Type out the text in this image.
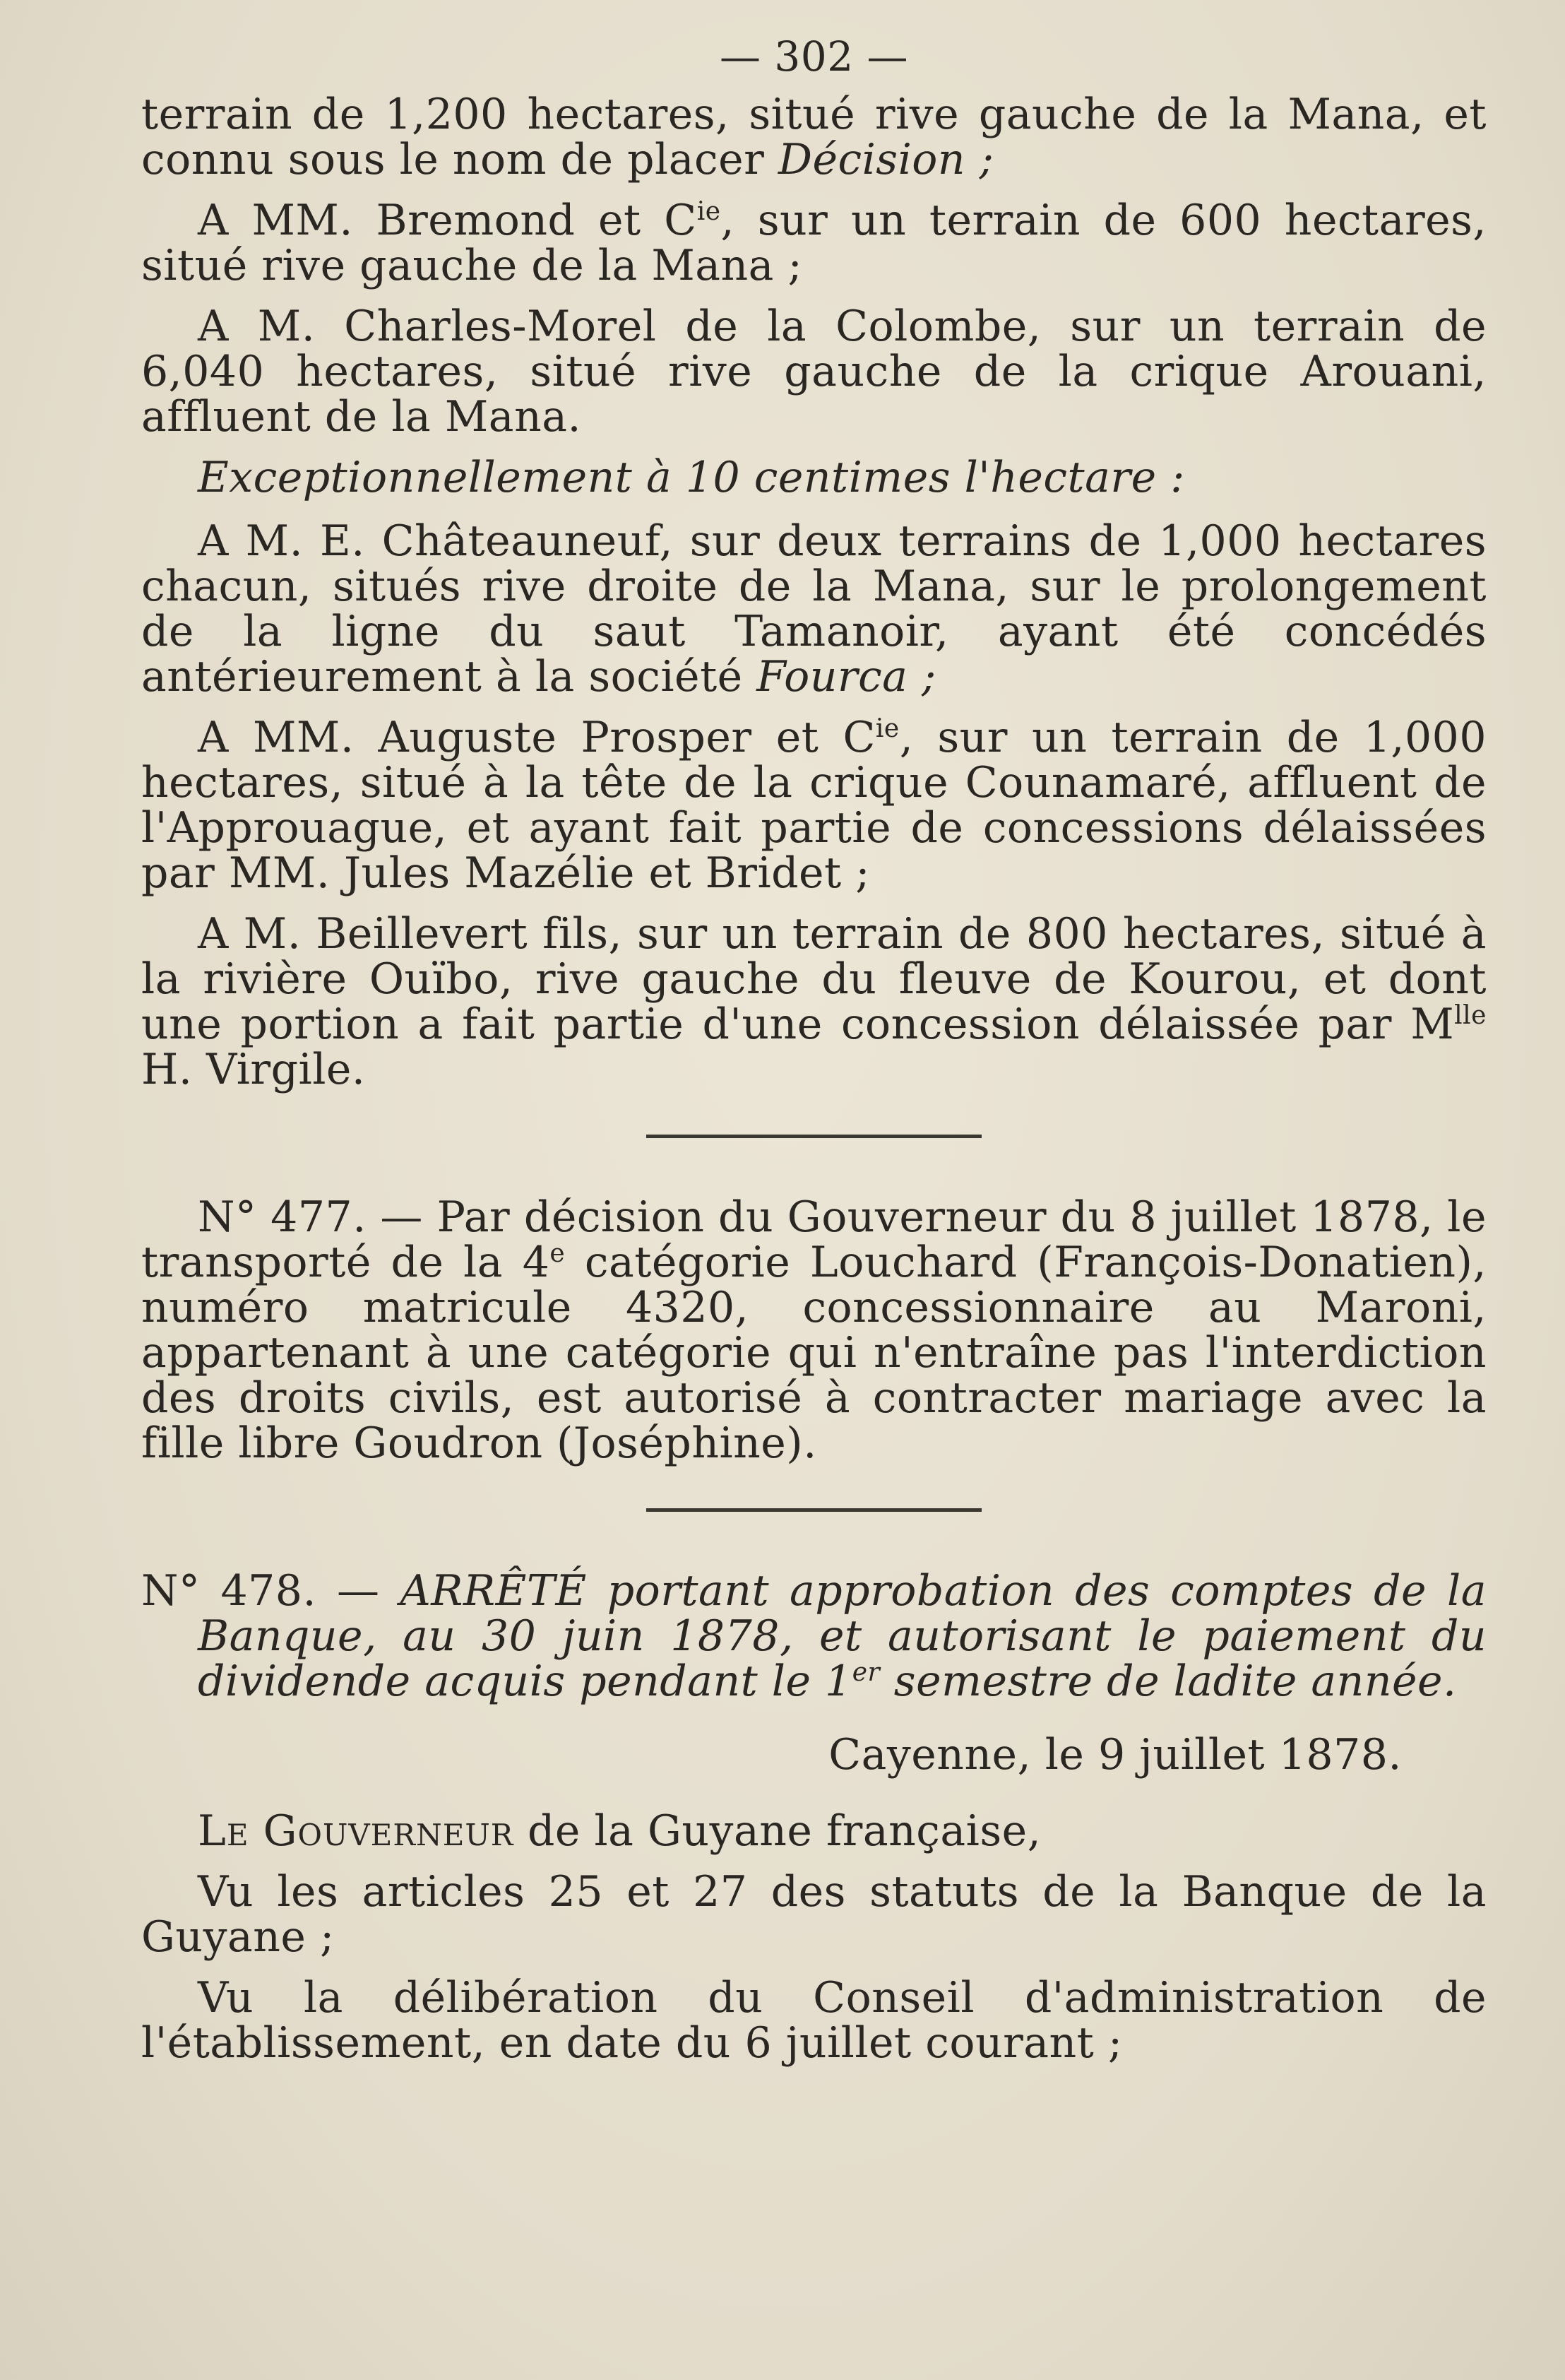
— 302 —

terrain de 1,200 hectares, situé rive gauche de la Mana, et connu sous le nom de placer Décision ;

A MM. Bremond et $C^{ie}$, sur un terrain de 600 hectares, situé rive gauche de la Mana ;

A M. Charles-Morel de la Colombe, sur un terrain de 6,040 hectares, situé rive gauche de la crique Arouani, affluent de la Mana.

Exceptionnellement à 10 centimes l'hectare :

A M. E. Châteauneuf, sur deux terrains de 1,000 hectares chacun, situés rive droite de la Mana, sur le prolongement de la ligne du saut Tamanoir, ayant été concédés antérieurement à la société Fourca ;

A MM. Auguste Prosper et $C^{ie}$, sur un terrain de 1,000 hectares, situé à la tête de la crique Counamaré, affluent de l'Approuague, et ayant fait partie de concessions délaissées par MM. Jules Mazélie et Bridet ;

A M. Beillevert fils, sur un terrain de 800 hectares, situé à la rivière Ouïbo, rive gauche du fleuve de Kourou, et dont une portion a fait partie d'une concession délaissée par $M^{lle}$ H. Virgile.

N° 477. — Par décision du Gouverneur du 8 juillet 1878, le transporté de la 4e catégorie Louchard (François-Donatien), numéro matricule 4320, concessionnaire au Maroni, appartenant à une catégorie qui n'entraîne pas l'interdiction des droits civils, est autorisé à contracter mariage avec la fille libre Goudron (Joséphine).

N° 478. — ARRÊTÉ portant approbation des comptes de la Banque, au 30 juin 1878, et autorisant le paiement du dividende acquis pendant le 1er semestre de ladite année.

Cayenne, le 9 juillet 1878.

Le Gouverneur de la Guyane française,

Vu les articles 25 et 27 des statuts de la Banque de la Guyane ;

Vu la délibération du Conseil d'administration de l'établissement, en date du 6 juillet courant ;
